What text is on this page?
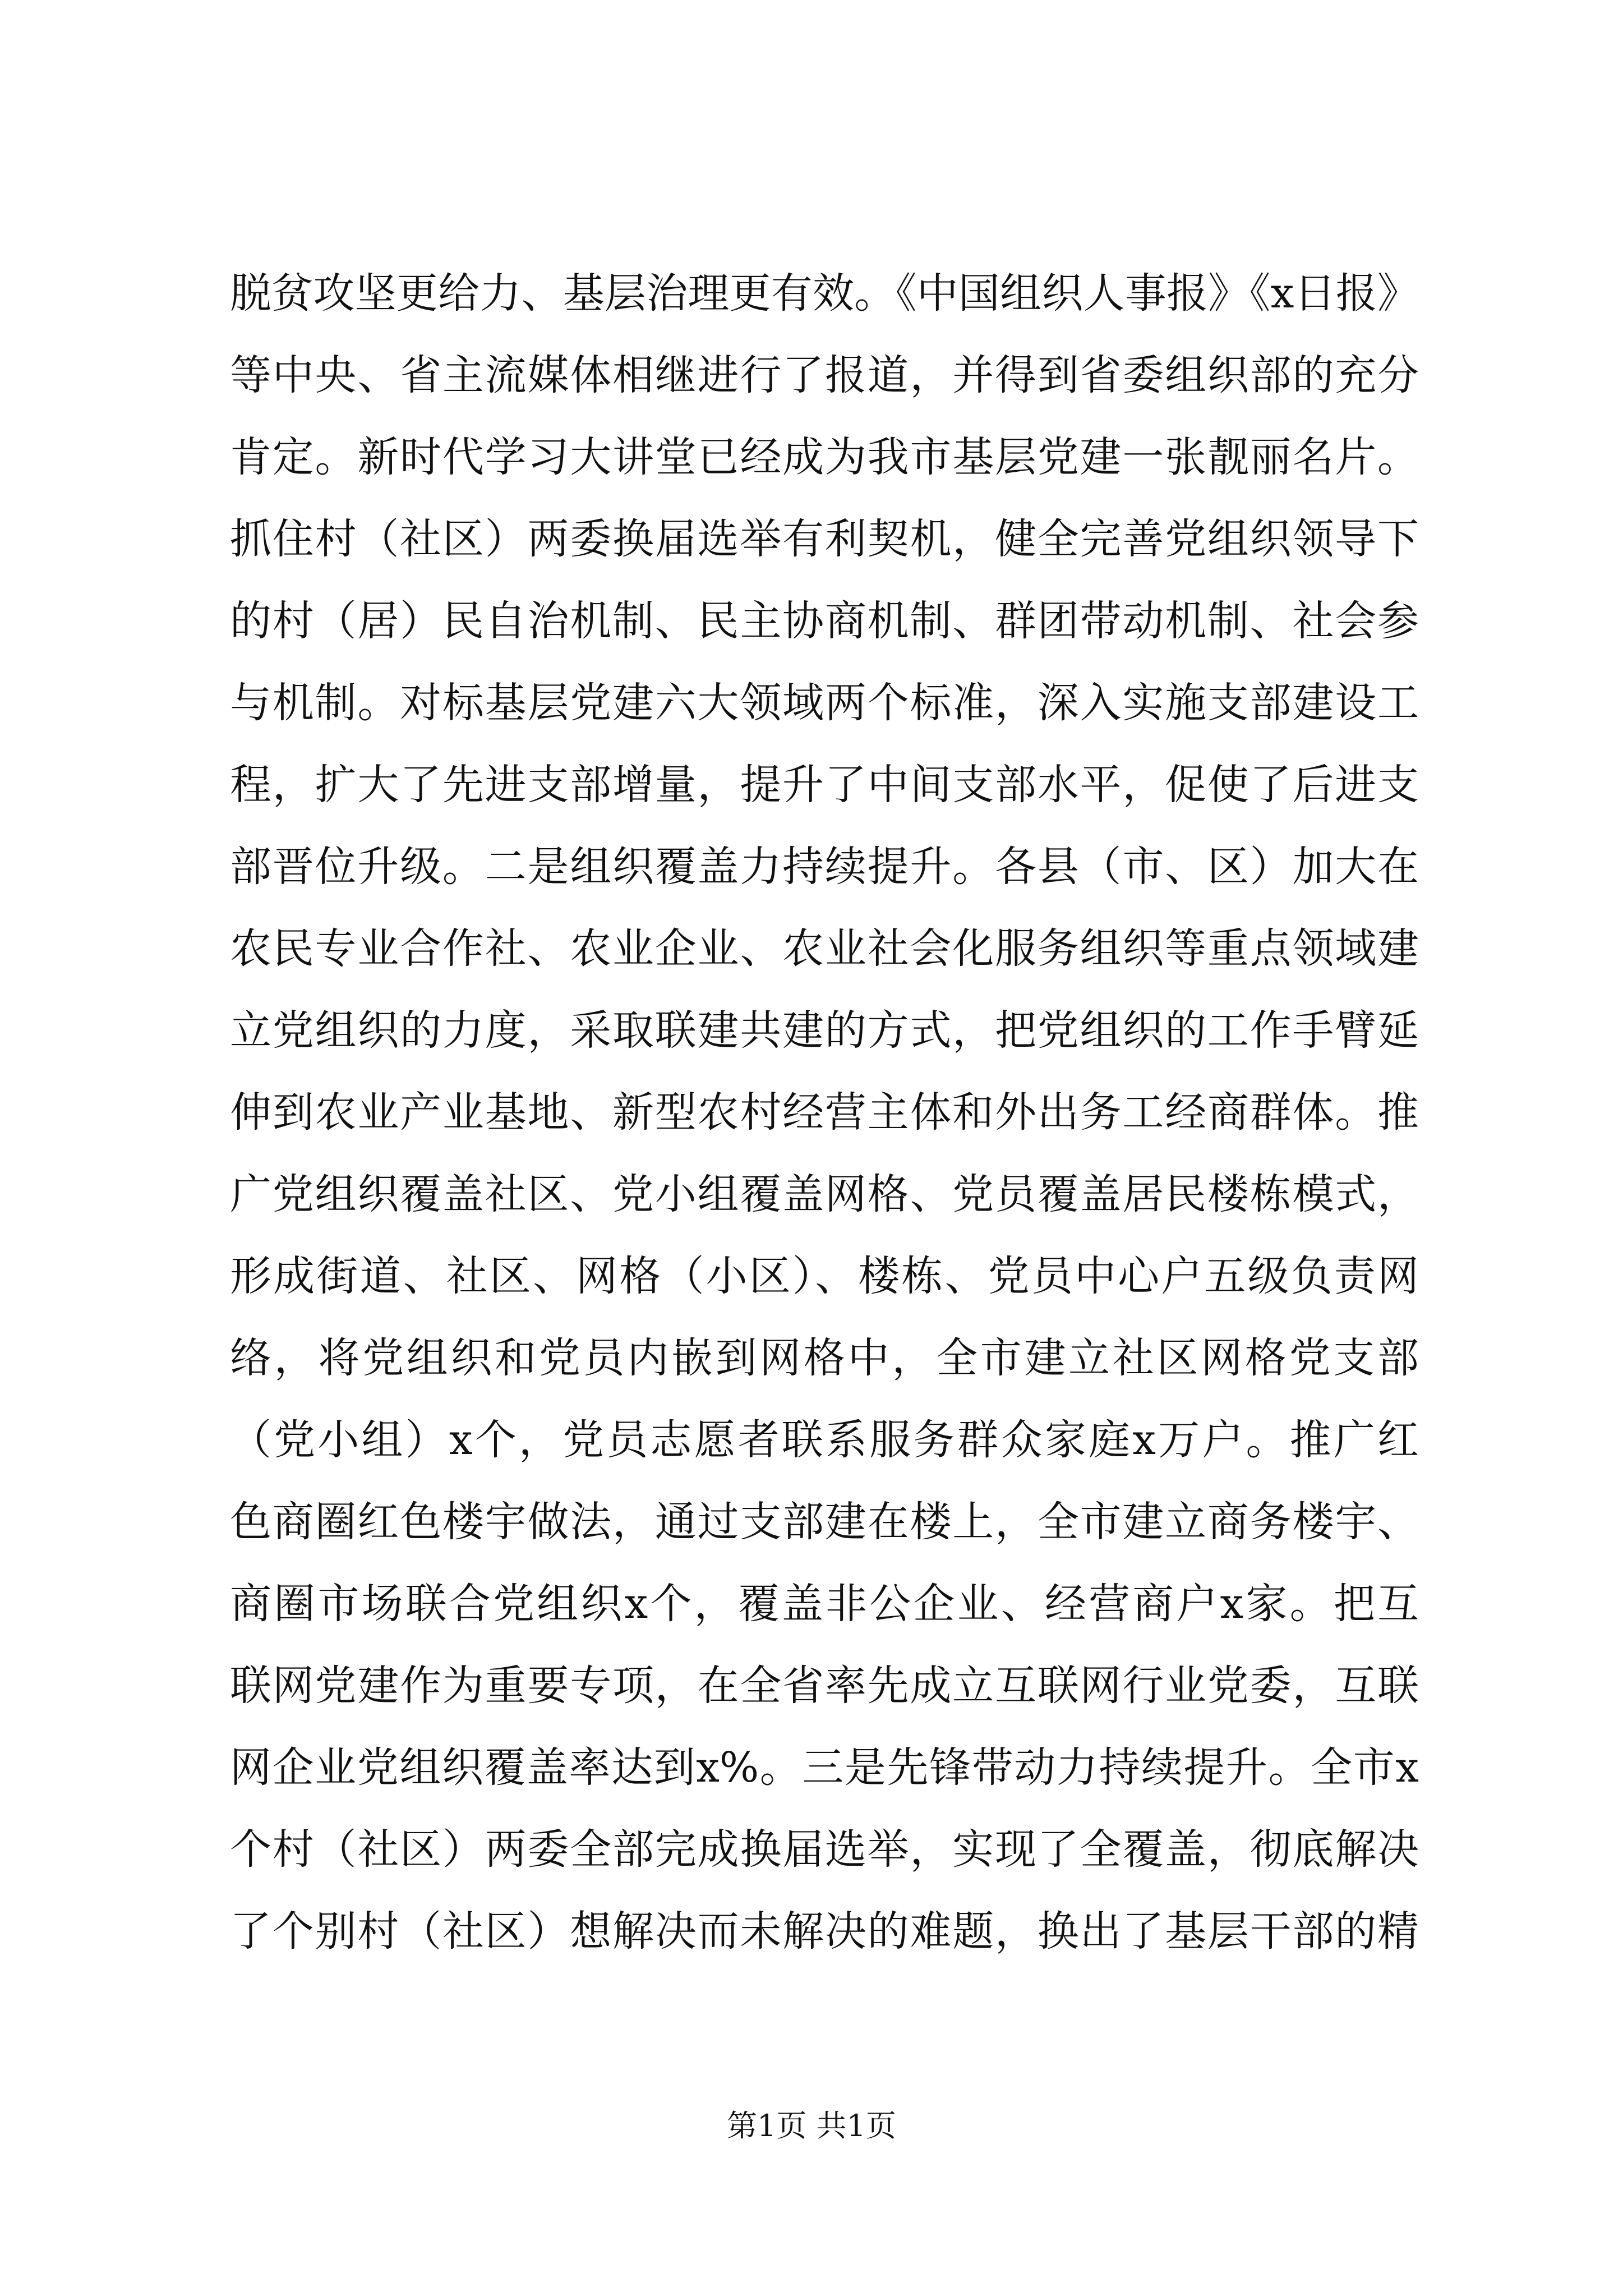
脱贫攻坚更给力、基层治理更有效。《中国组织人事报》《x日报》
等中央、省主流媒体相继进行了报道，并得到省委组织部的充分
肯定。新时代学习大讲堂已经成为我市基层党建一张靓丽名片。
抓住村（社区）两委换届选举有利契机，健全完善党组织领导下
的村（居）民自治机制、民主协商机制、群团带动机制、社会参
与机制。对标基层党建六大领域两个标准，深入实施支部建设工
程，扩大了先进支部增量，提升了中间支部水平，促使了后进支
部晋位升级。二是组织覆盖力持续提升。各县（市、区）加大在
农民专业合作社、农业企业、农业社会化服务组织等重点领域建
立党组织的力度，采取联建共建的方式，把党组织的工作手臂延
伸到农业产业基地、新型农村经营主体和外出务工经商群体。推
广党组织覆盖社区、党小组覆盖网格、党员覆盖居民楼栋模式，
形成街道、社区、网格（小区）、楼栋、党员中心户五级负责网
络，将党组织和党员内嵌到网格中，全市建立社区网格党支部
（党小组）x个，党员志愿者联系服务群众家庭x万户。推广红
色商圈红色楼宇做法，通过支部建在楼上，全市建立商务楼宇、
商圈市场联合党组织x个，覆盖非公企业、经营商户x家。把互
联网党建作为重要专项，在全省率先成立互联网行业党委，互联
网企业党组织覆盖率达到x%。三是先锋带动力持续提升。全市x
个村（社区）两委全部完成换届选举，实现了全覆盖，彻底解决
了个别村（社区）想解决而未解决的难题，换出了基层干部的精
第1页 共1页
